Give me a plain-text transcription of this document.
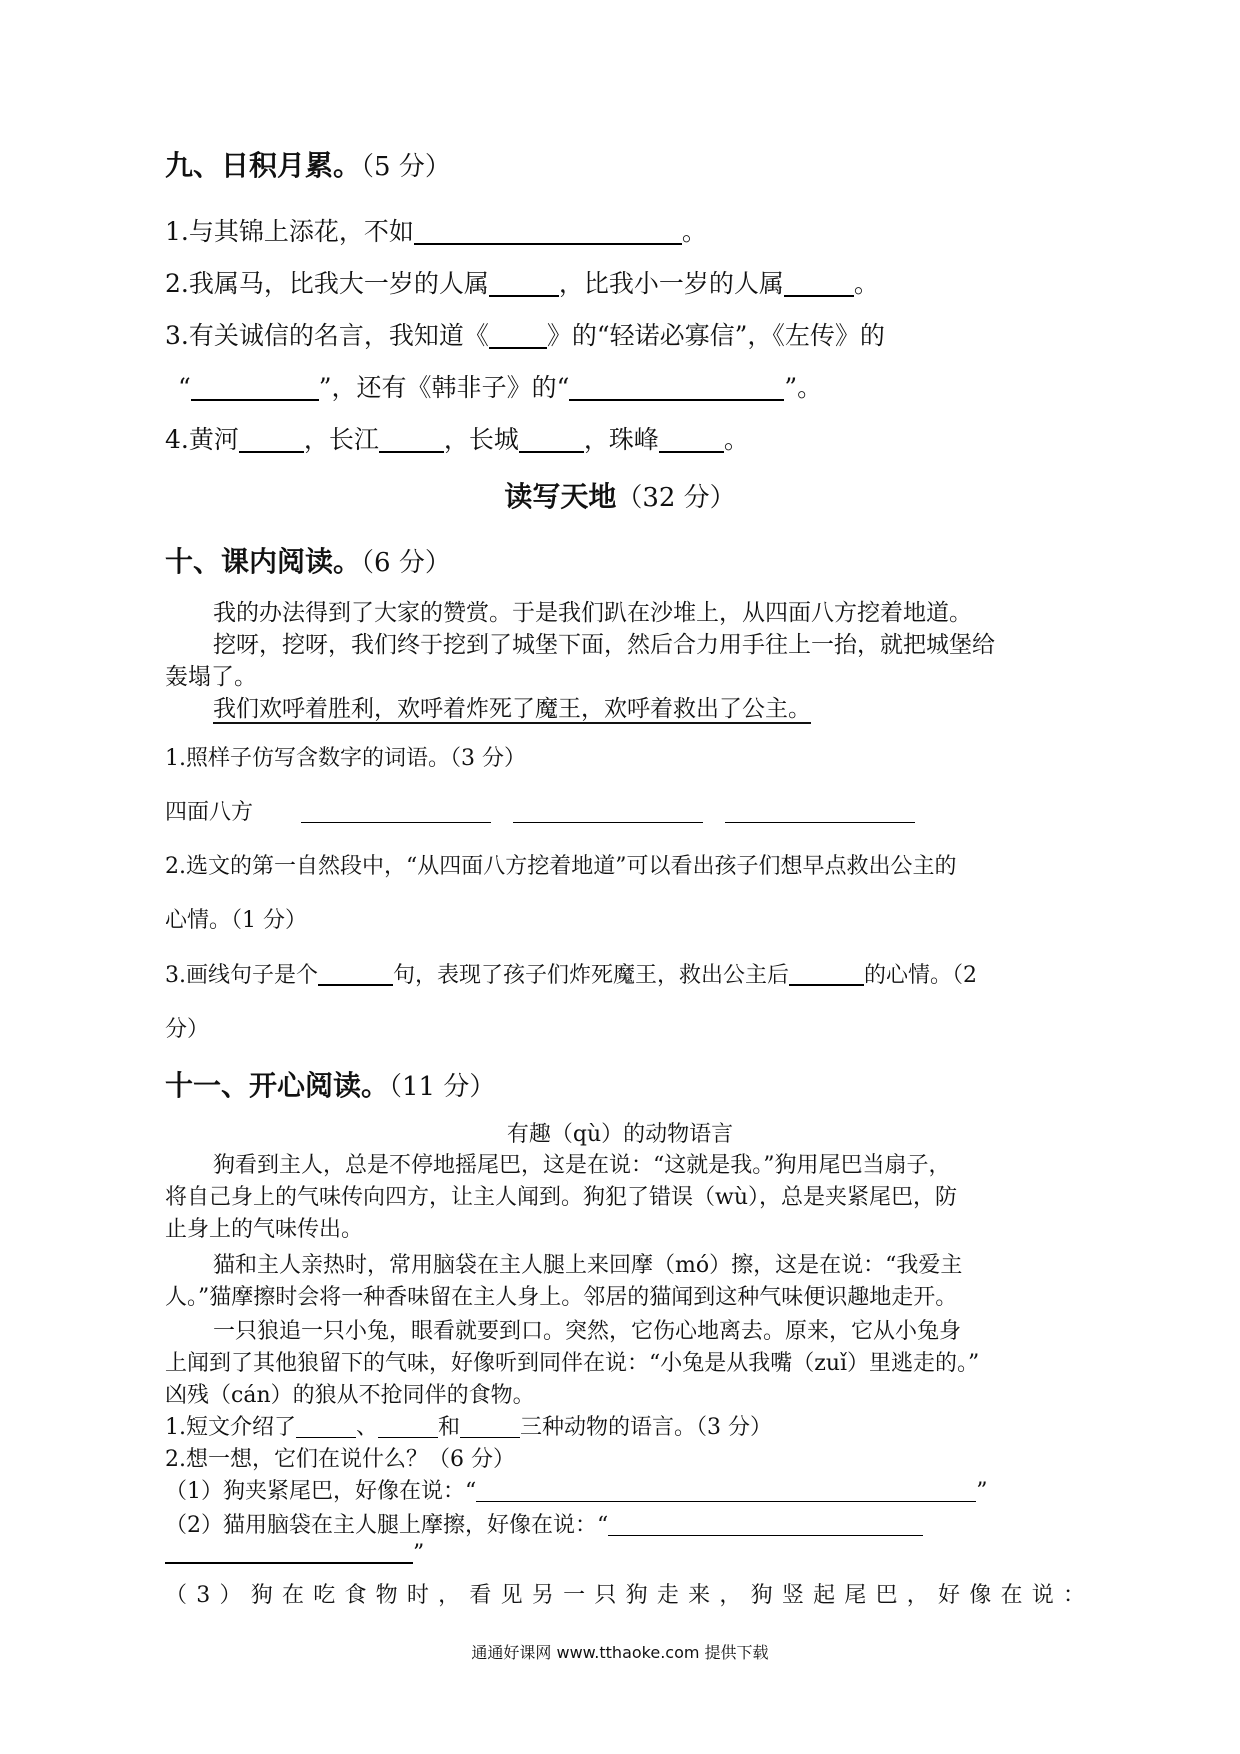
九、日积月累。（5 分）
1.与其锦上添花，不如	。
2.我属马，比我大一岁的人属	，比我小一岁的人属	。
3.有关诚信的名言，我知道《 》的“轻诺必寡信”，《左传》的
“	”，还有《韩非子》的“	”。
4.黄河	，长江	，长城	，珠峰	。
读写天地（32 分）
十、课内阅读。（6 分）
我的办法得到了大家的赞赏。于是我们趴在沙堆上，从四面八方挖着地道。
挖呀，挖呀，我们终于挖到了城堡下面，然后合力用手往上一抬，就把城堡给
轰塌了。
我们欢呼着胜利，欢呼着炸死了魔王，欢呼着救出了公主。
1.照样子仿写含数字的词语。（3 分）
四面八方
2.选文的第一自然段中，“从四面八方挖着地道”可以看出孩子们想早点救出公主的
心情。（1 分）
3.画线句子是个	句，表现了孩子们炸死魔王，救出公主后	的心情。（2
分）
十一、开心阅读。（11 分）
有趣（qù）的动物语言
狗看到主人，总是不停地摇尾巴，这是在说：“这就是我。”狗用尾巴当扇子，
将自己身上的气味传向四方，让主人闻到。狗犯了错误（wù），总是夹紧尾巴，防
止身上的气味传出。
猫和主人亲热时，常用脑袋在主人腿上来回摩（mó）擦，这是在说：“我爱主
人。”猫摩擦时会将一种香味留在主人身上。邻居的猫闻到这种气味便识趣地走开。
一只狼追一只小兔，眼看就要到口。突然，它伤心地离去。原来，它从小兔身
上闻到了其他狼留下的气味，好像听到同伴在说：“小兔是从我嘴（zuǐ）里逃走的。”
凶残（cán）的狼从不抢同伴的食物。
1.短文介绍了	、	和	三种动物的语言。（3 分）
2.想一想，它们在说什么？（6 分）
（1）狗夹紧尾巴，好像在说：“	”
（2）猫用脑袋在主人腿上摩擦，好像在说：“
”
（3）狗在吃食物时，看见另一只狗走来，狗竖起尾巴，好像在说：
通通好课网 www.tthaoke.com 提供下载
